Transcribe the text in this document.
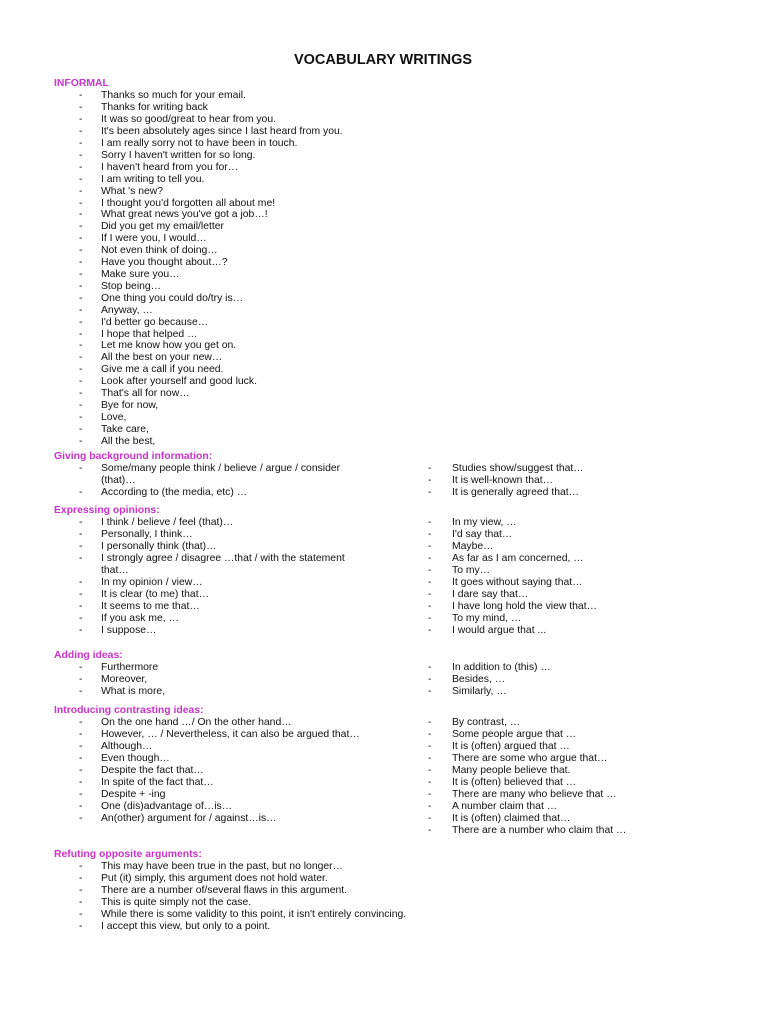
VOCABULARY WRITINGS
INFORMAL
- Thanks so much for your email.
- Thanks for writing back
- It was so good/great to hear from you.
- It's been absolutely ages since I last heard from you.
- I am really sorry not to have been in touch.
- Sorry I haven't written for so long.
- I haven't heard from you for…
- I am writing to tell you.
- What 's new?
- I thought you'd forgotten all about me!
- What great news you've got a job…!
- Did you get my email/letter
- If I were you, I would…
- Not even think of doing…
- Have you thought about…?
- Make sure you…
- Stop being…
- One thing you could do/try is…
- Anyway, …
- I'd better go because…
- I hope that helped …
- Let me know how you get on.
- All the best on your new…
- Give me a call if you need.
- Look after yourself and good luck.
- That's all for now…
- Bye for now,
- Love,
- Take care,
- All the best,
Giving background information:
- Some/many people think / believe / argue / consider (that)…
- According to (the media, etc) …
- Studies show/suggest that…
- It is well-known that…
- It is generally agreed that…
Expressing opinions:
- I think / believe / feel (that)…
- Personally, I think…
- I personally think (that)…
- I strongly agree / disagree …that / with the statement that…
- In my opinion / view…
- It is clear (to me) that…
- It seems to me that…
- If you ask me, …
- I suppose…
- In my view, …
- I'd say that…
- Maybe…
- As far as I am concerned, …
- To my…
- It goes without saying that…
- I dare say that…
- I have long hold the view that…
- To my mind, …
- I would argue that ...
Adding ideas:
- Furthermore
- Moreover,
- What is more,
- In addition to (this) …
- Besides, …
- Similarly, …
Introducing contrasting ideas:
- On the one hand …/ On the other hand…
- However, … / Nevertheless, it can also be argued that…
- Although…
- Even though…
- Despite the fact that…
- In spite of the fact that…
- Despite + -ing
- One (dis)advantage of…is…
- An(other) argument for / against…is…
- By contrast, …
- Some people argue that …
- It is (often) argued that …
- There are some who argue that…
- Many people believe that.
- It is (often) believed that …
- There are many who believe that …
- A number claim that …
- It is (often) claimed that…
- There are a number who claim that …
Refuting opposite arguments:
- This may have been true in the past, but no longer…
- Put (it) simply, this argument does not hold water.
- There are a number of/several flaws in this argument.
- This is quite simply not the case.
- While there is some validity to this point, it isn't entirely convincing.
- I accept this view, but only to a point.
